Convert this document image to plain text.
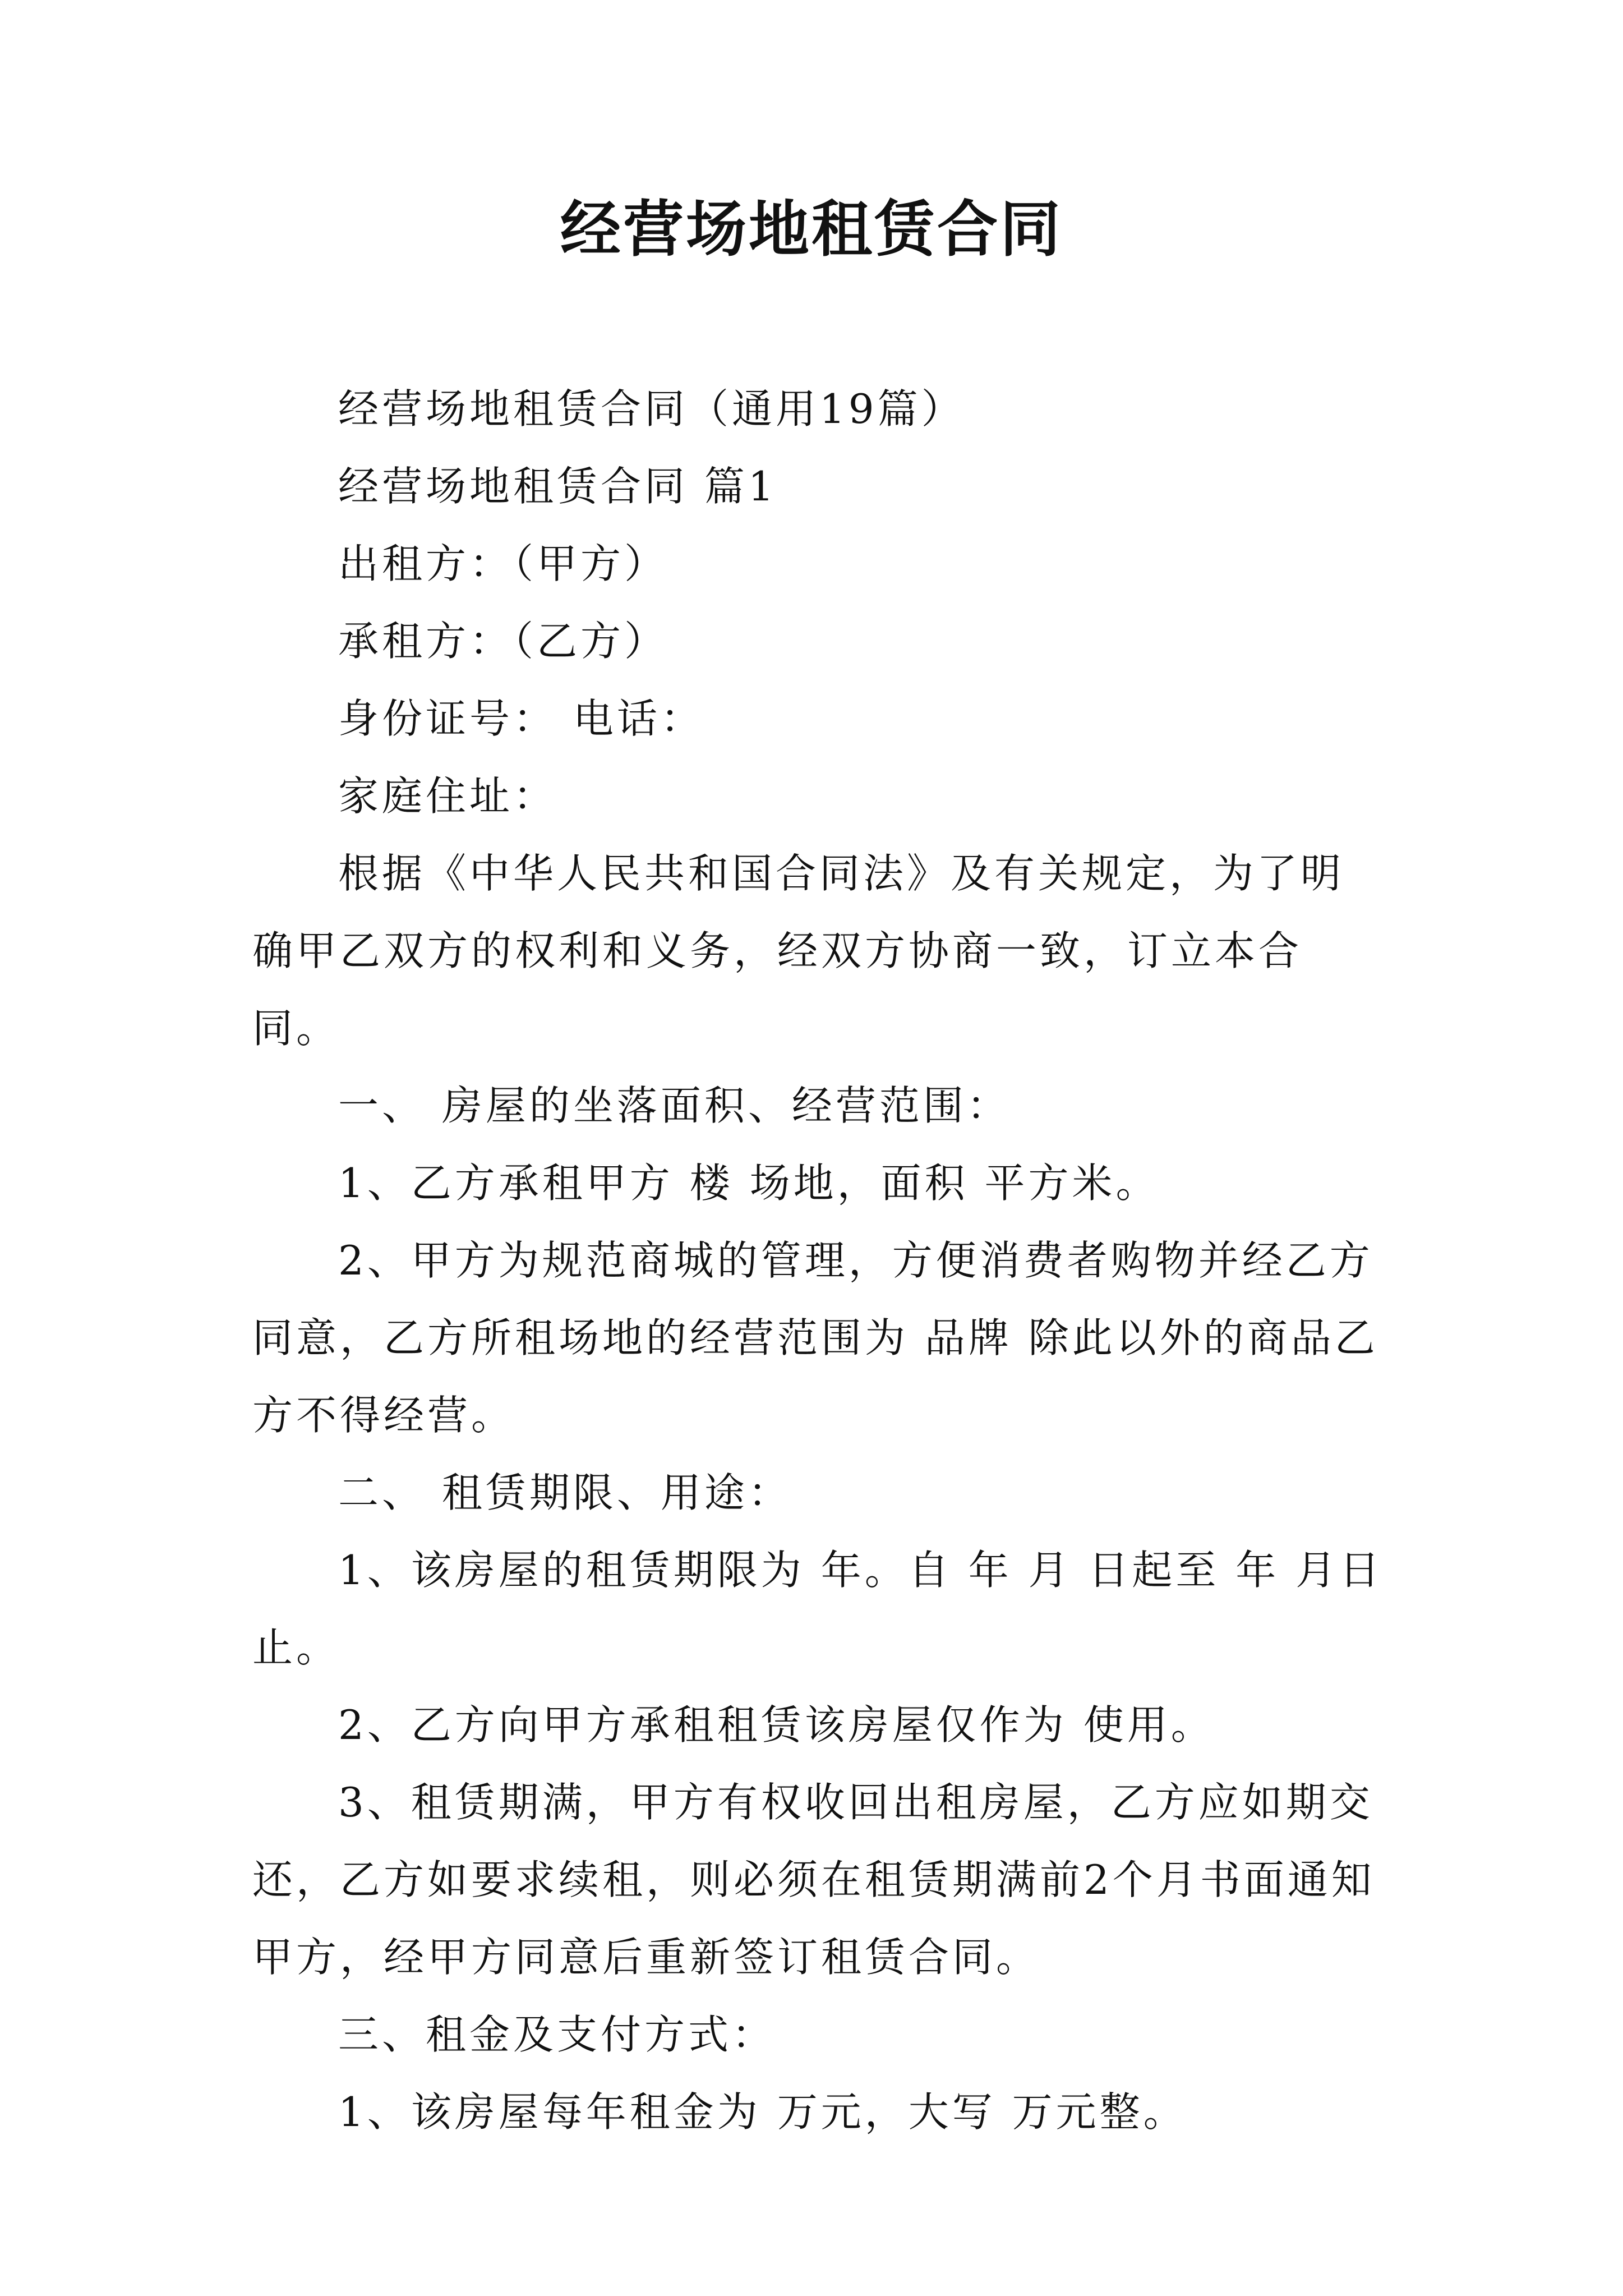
经营场地租赁合同

经营场地租赁合同（通用19篇）

经营场地租赁合同 篇1

出租方：（甲方）

承租方：（乙方）

身份证号： 电话：

家庭住址：

根据《中华人民共和国合同法》及有关规定，为了明确甲乙双方的权利和义务，经双方协商一致，订立本合同。

一、 房屋的坐落面积、经营范围：

1、乙方承租甲方 楼 场地，面积 平方米。

2、甲方为规范商城的管理，方便消费者购物并经乙方同意，乙方所租场地的经营范围为 品牌 除此以外的商品乙方不得经营。

二、 租赁期限、用途：

1、该房屋的租赁期限为 年。自 年 月 日起至 年 月日止。

2、乙方向甲方承租租赁该房屋仅作为 使用。

3、租赁期满，甲方有权收回出租房屋，乙方应如期交还，乙方如要求续租，则必须在租赁期满前2个月书面通知甲方，经甲方同意后重新签订租赁合同。

三、租金及支付方式：

1、该房屋每年租金为 万元，大写 万元整。
